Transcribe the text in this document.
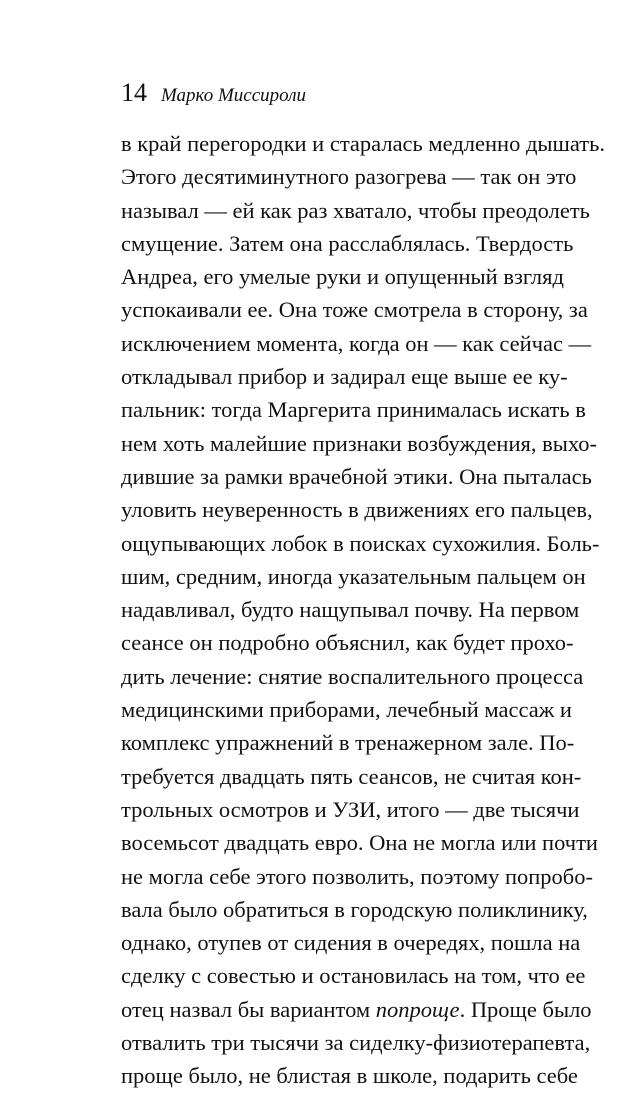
14 Марко Миссироли
в край перегородки и старалась медленно дышать.
Этого десятиминутного разогрева — так он это
называл — ей как раз хватало, чтобы преодолеть
смущение. Затем она расслаблялась. Твердость
Андреа, его умелые руки и опущенный взгляд
успокаивали ее. Она тоже смотрела в сторону, за
исключением момента, когда он — как сейчас —
откладывал прибор и задирал еще выше ее ку-
пальник: тогда Маргерита принималась искать в
нем хоть малейшие признаки возбуждения, выхо-
дившие за рамки врачебной этики. Она пыталась
уловить неуверенность в движениях его пальцев,
ощупывающих лобок в поисках сухожилия. Боль-
шим, средним, иногда указательным пальцем он
надавливал, будто нащупывал почву. На первом
сеансе он подробно объяснил, как будет прохо-
дить лечение: снятие воспалительного процесса
медицинскими приборами, лечебный массаж и
комплекс упражнений в тренажерном зале. По-
требуется двадцать пять сеансов, не считая кон-
трольных осмотров и УЗИ, итого — две тысячи
восемьсот двадцать евро. Она не могла или почти
не могла себе этого позволить, поэтому попробо-
вала было обратиться в городскую поликлинику,
однако, отупев от сидения в очередях, пошла на
сделку с совестью и остановилась на том, что ее
отец назвал бы вариантом попроще. Проще было
отвалить три тысячи за сиделку-физиотерапевта,
проще было, не блистая в школе, подарить себе
